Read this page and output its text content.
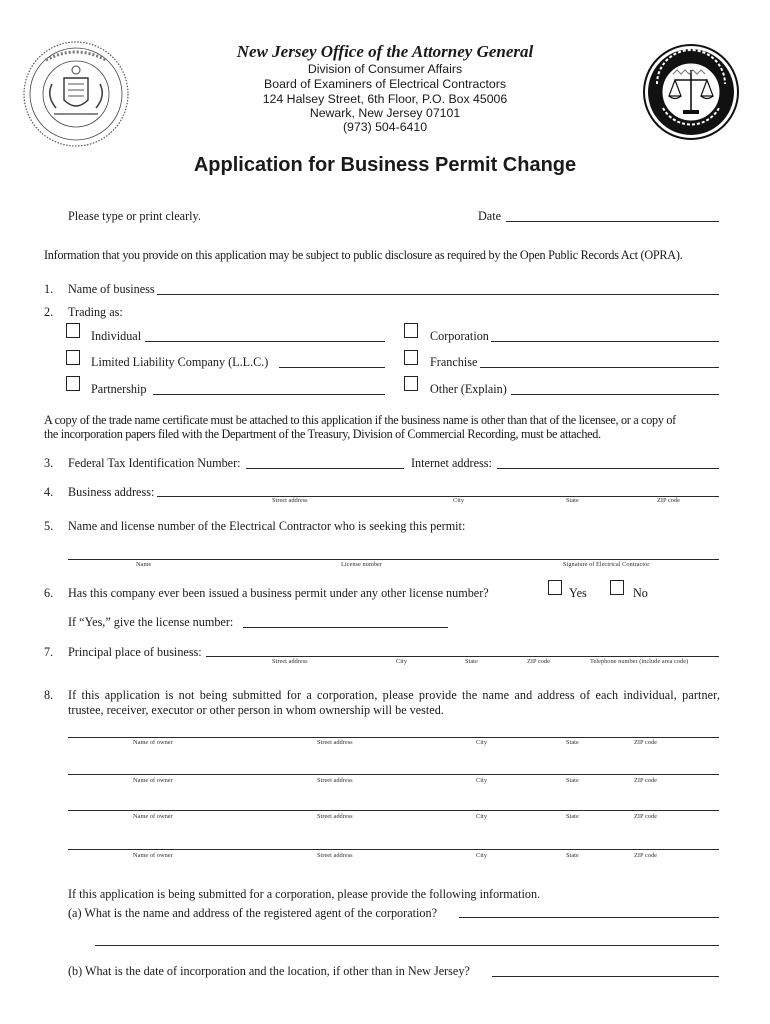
New Jersey Office of the Attorney General
Division of Consumer Affairs
Board of Examiners of Electrical Contractors
124 Halsey Street, 6th Floor, P.O. Box 45006
Newark, New Jersey 07101
(973) 504-6410
Application for Business Permit Change
Please type or print clearly.	Date
Information that you provide on this application may be subject to public disclosure as required by the Open Public Records Act (OPRA).
1. Name of business
2. Trading as:
Individual	Corporation
Limited Liability Company (L.L.C.)	Franchise
Partnership	Other (Explain)
A copy of the trade name certificate must be attached to this application if the business name is other than that of the licensee, or a copy of
the incorporation papers filed with the Department of the Treasury, Division of Commercial Recording, must be attached.
3. Federal Tax Identification Number:	Internet address:
4. Business address:
Street address	City	State	ZIP code
5. Name and license number of the Electrical Contractor who is seeking this permit:
Name	License number	Signature of Electrical Contractor
6. Has this company ever been issued a business permit under any other license number?	Yes	No
If “Yes,” give the license number:
7. Principal place of business:
Street address	City	State	ZIP code	Telephone number (include area code)
8. If this application is not being submitted for a corporation, please provide the name and address of each individual, partner,
trustee, receiver, executor or other person in whom ownership will be vested.
Name of owner	Street address	City	State	ZIP code
Name of owner	Street address	City	State	ZIP code
Name of owner	Street address	City	State	ZIP code
Name of owner	Street address	City	State	ZIP code
If this application is being submitted for a corporation, please provide the following information.
(a) What is the name and address of the registered agent of the corporation?
(b) What is the date of incorporation and the location, if other than in New Jersey?
